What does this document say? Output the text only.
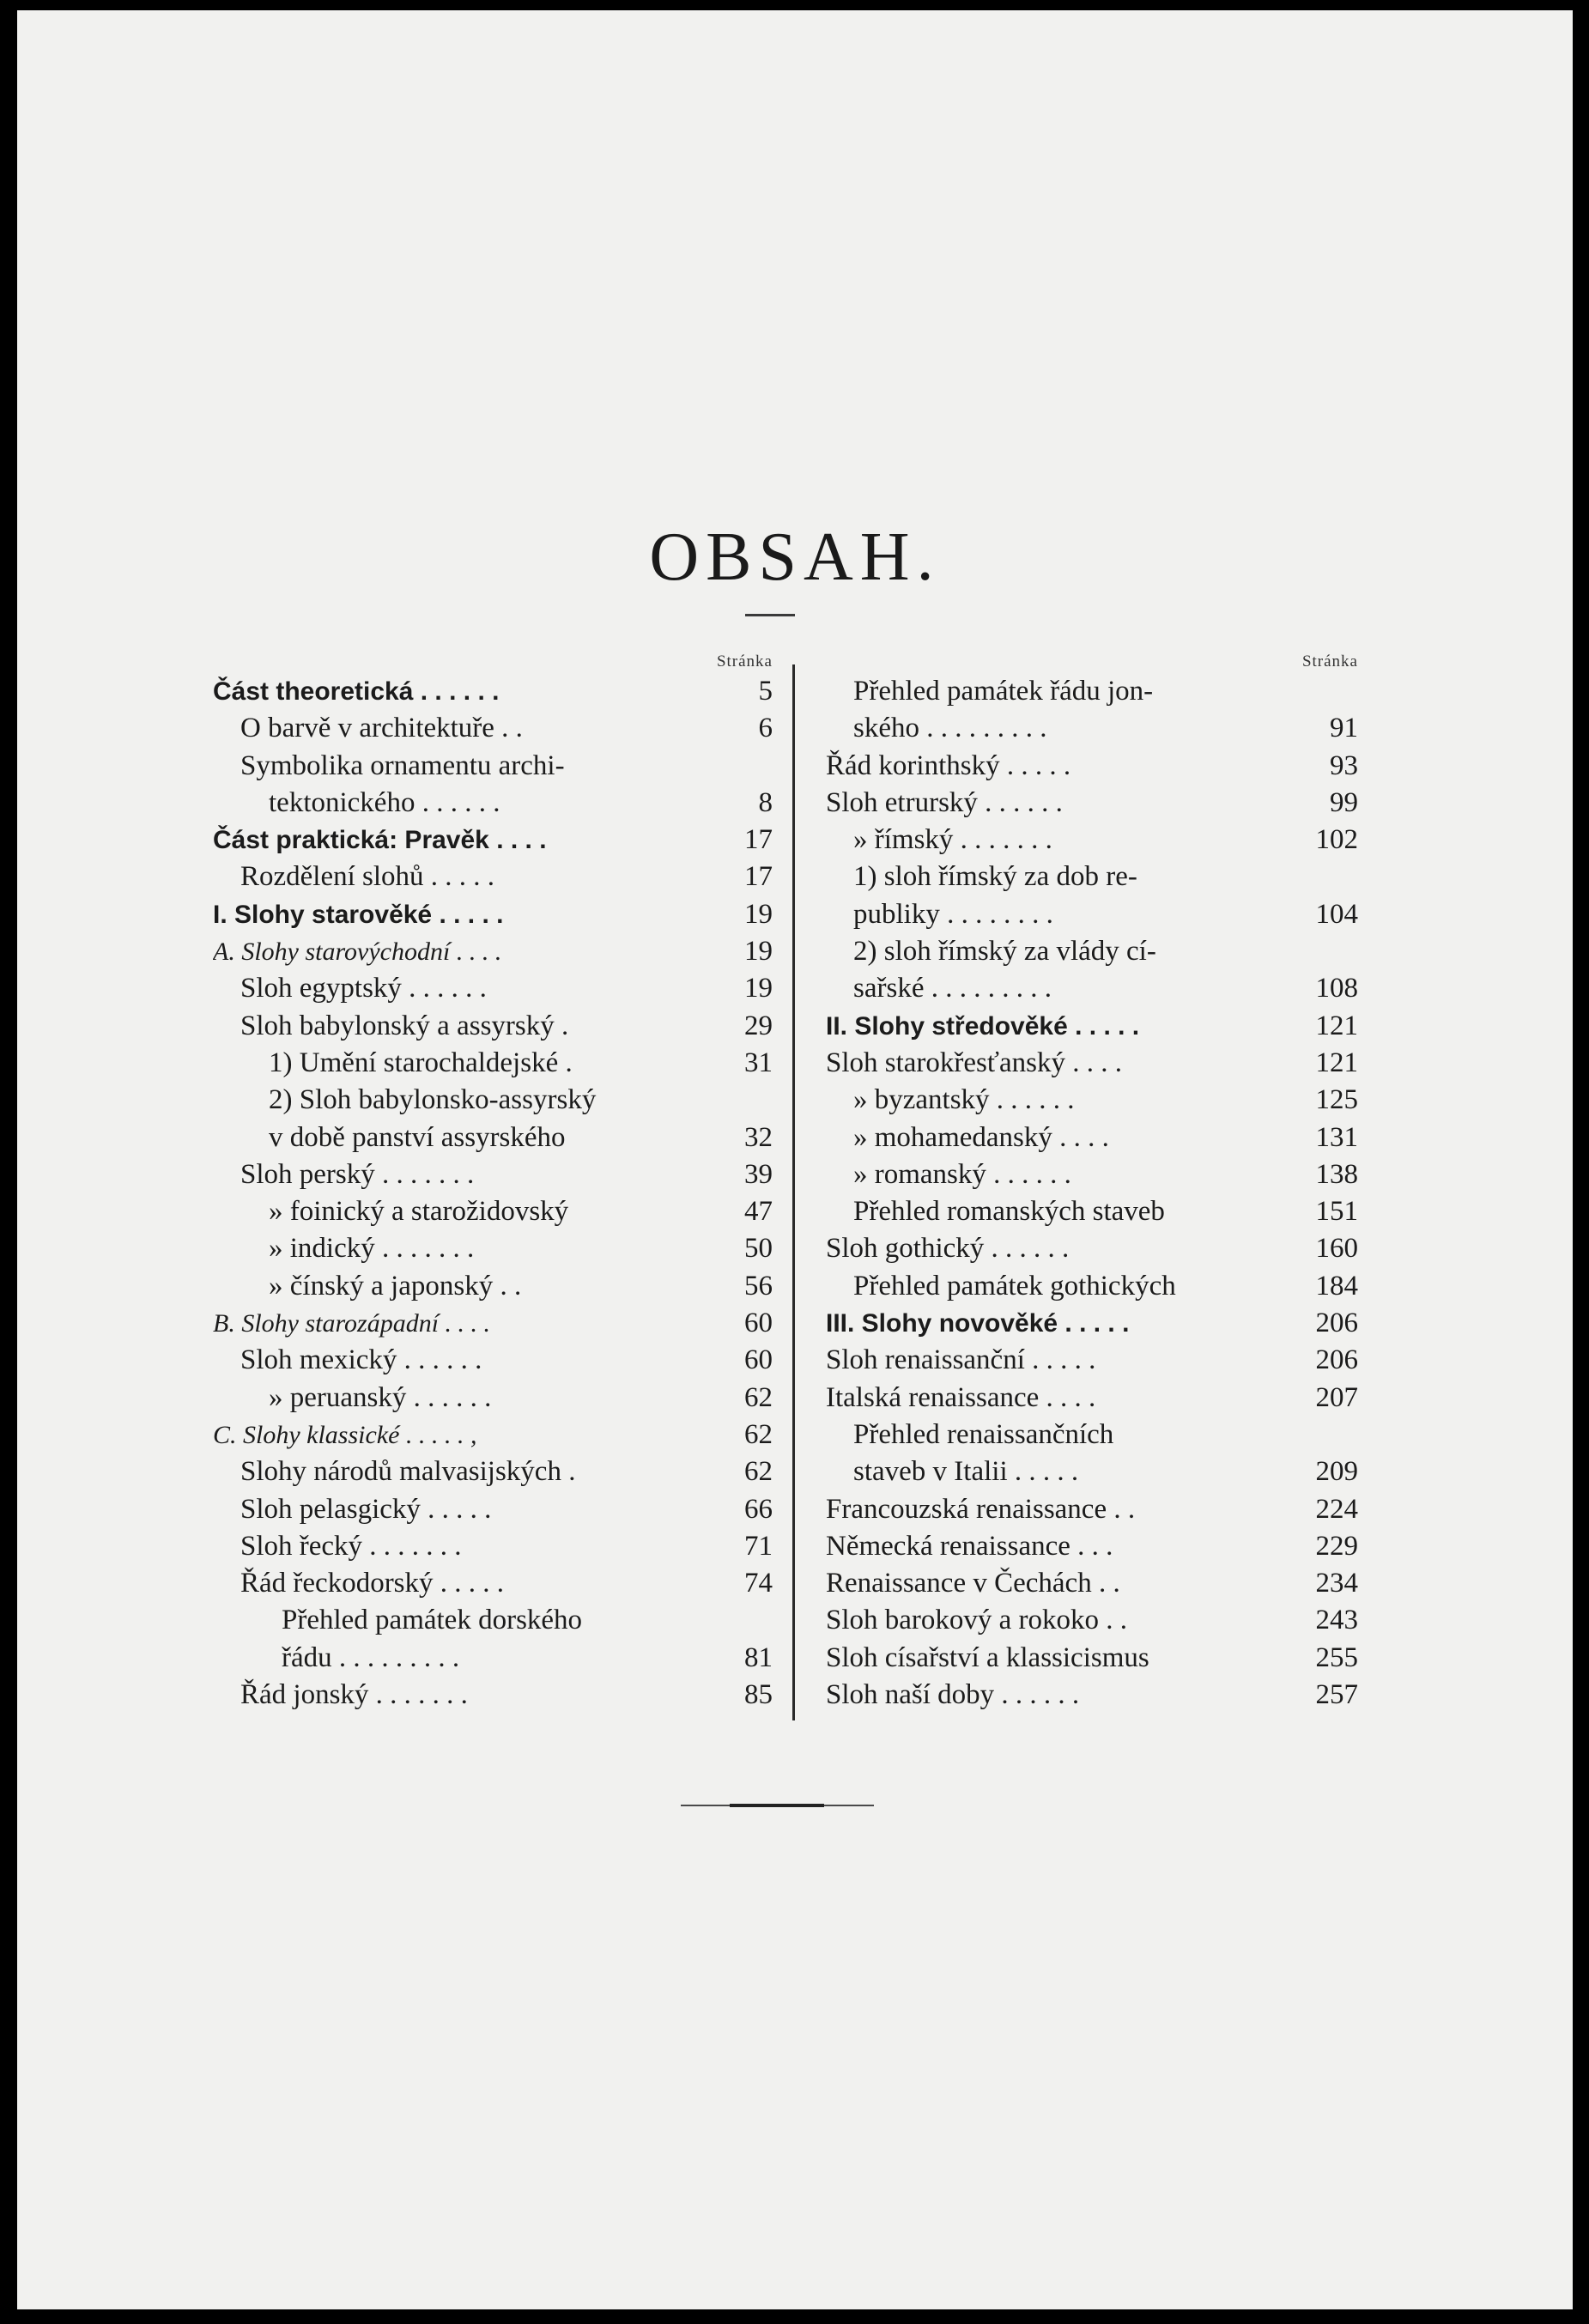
OBSAH.
Stránka
Část theoretická . . . . . .	5
O barvě v architektuře . .	6
Symbolika ornamentu archi-
tektonického . . . . . .	8
Část praktická: Pravěk . . . .	17
Rozdělení slohů . . . . .	17
I. Slohy starověké . . . . .	19
A. Slohy starovýchodní . . . .	19
Sloh egyptský . . . . . .	19
Sloh babylonský a assyrský .	29
1) Umění starochaldejské .	31
2) Sloh babylonsko-assyrský
v době panství assyrského	32
Sloh perský . . . . . . .	39
» foinický a starožidovský	47
» indický . . . . . . .	50
» čínský a japonský . .	56
B. Slohy starozápadní . . . .	60
Sloh mexický . . . . . .	60
» peruanský . . . . . .	62
C. Slohy klassické . . . . . ,	62
Slohy národů malvasijských .	62
Sloh pelasgický . . . . .	66
Sloh řecký . . . . . . .	71
Řád řeckodorský . . . . .	74
Přehled památek dorského
řádu . . . . . . . . .	81
Řád jonský . . . . . . .	85
Stránka
Přehled památek řádu jon-
ského . . . . . . . . .	91
Řád korinthský . . . . .	93
Sloh etrurský . . . . . .	99
» římský . . . . . . .	102
1) sloh římský za dob re-
publiky . . . . . . . .	104
2) sloh římský za vlády cí-
sařské . . . . . . . . .	108
II. Slohy středověké . . . . .	121
Sloh starokřesťanský . . . .	121
» byzantský . . . . . .	125
» mohamedanský . . . .	131
» romanský . . . . . .	138
Přehled romanských staveb	151
Sloh gothický . . . . . .	160
Přehled památek gothických	184
III. Slohy novověké . . . . .	206
Sloh renaissanční . . . . .	206
Italská renaissance . . . .	207
Přehled renaissančních
staveb v Italii . . . . .	209
Francouzská renaissance . .	224
Německá renaissance . . .	229
Renaissance v Čechách . .	234
Sloh barokový a rokoko . .	243
Sloh císařství a klassicismus	255
Sloh naší doby . . . . . .	257
